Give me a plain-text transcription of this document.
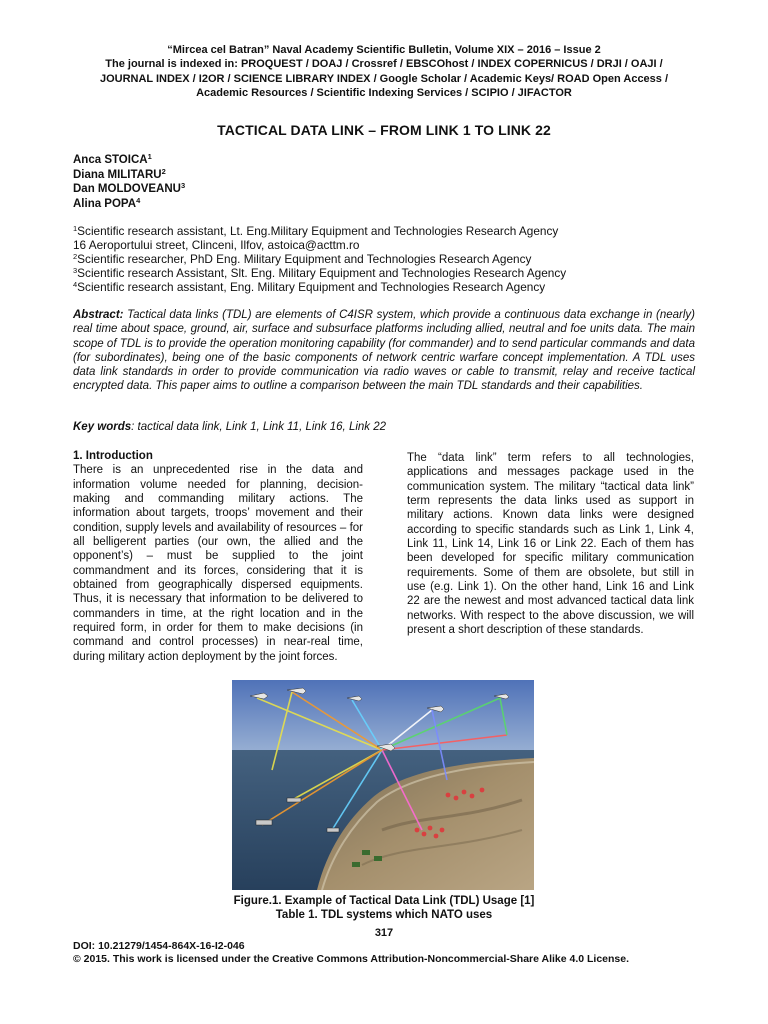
“Mircea cel Batran” Naval Academy Scientific Bulletin, Volume XIX – 2016 – Issue 2
The journal is indexed in: PROQUEST / DOAJ / Crossref / EBSCOhost / INDEX COPERNICUS / DRJI / OAJI /
JOURNAL INDEX / I2OR / SCIENCE LIBRARY INDEX / Google Scholar / Academic Keys/ ROAD Open Access /
Academic Resources / Scientific Indexing Services / SCIPIO / JIFACTOR
TACTICAL DATA LINK – FROM LINK 1 TO LINK 22
Anca STOICA$^1$
Diana MILITARU$^2$
Dan MOLDOVEANU$^3$
Alina POPA$^4$
$^1$Scientific research assistant, Lt. Eng.Military Equipment and Technologies Research Agency
16 Aeroportului street, Clinceni, Ilfov, astoica@acttm.ro
$^2$Scientific researcher, PhD Eng. Military Equipment and Technologies Research Agency
$^3$Scientific research Assistant, Slt. Eng. Military Equipment and Technologies Research Agency
$^4$Scientific research assistant, Eng. Military Equipment and Technologies Research Agency
Abstract: Tactical data links (TDL) are elements of C4ISR system, which provide a continuous data exchange in (nearly) real time about space, ground, air, surface and subsurface platforms including allied, neutral and foe units data. The main scope of TDL is to provide the operation monitoring capability (for commander) and to send particular commands and data (for subordinates), being one of the basic components of network centric warfare concept implementation. A TDL uses data link standards in order to provide communication via radio waves or cable to transmit, relay and receive tactical encrypted data. This paper aims to outline a comparison between the main TDL standards and their capabilities.
Key words: tactical data link, Link 1, Link 11, Link 16, Link 22
1. Introduction
There is an unprecedented rise in the data and information volume needed for planning, decision-making and commanding military actions. The information about targets, troops’ movement and their condition, supply levels and availability of resources – for all belligerent parties (our own, the allied and the opponent’s) – must be supplied to the joint commandment and its forces, considering that it is obtained from geographically dispersed equipments. Thus, it is necessary that information to be delivered to commanders in time, at the right location and in the required form, in order for them to make decisions (in command and control processes) in near-real time, during military action deployment by the joint forces.
The “data link” term refers to all technologies, applications and messages package used in the communication system. The military “tactical data link” term represents the data links used as support in military actions. Known data links were designed according to specific standards such as Link 1, Link 4, Link 11, Link 14, Link 16 or Link 22. Each of them has been developed for specific military communication requirements. Some of them are obsolete, but still in use (e.g. Link 1). On the other hand, Link 16 and Link 22 are the newest and most advanced tactical data link networks. With respect to the above discussion, we will present a short description of these standards.
Figure.1. Example of Tactical Data Link (TDL) Usage [1]
Table 1. TDL systems which NATO uses
317
DOI: 10.21279/1454-864X-16-I2-046
© 2015. This work is licensed under the Creative Commons Attribution-Noncommercial-Share Alike 4.0 License.
